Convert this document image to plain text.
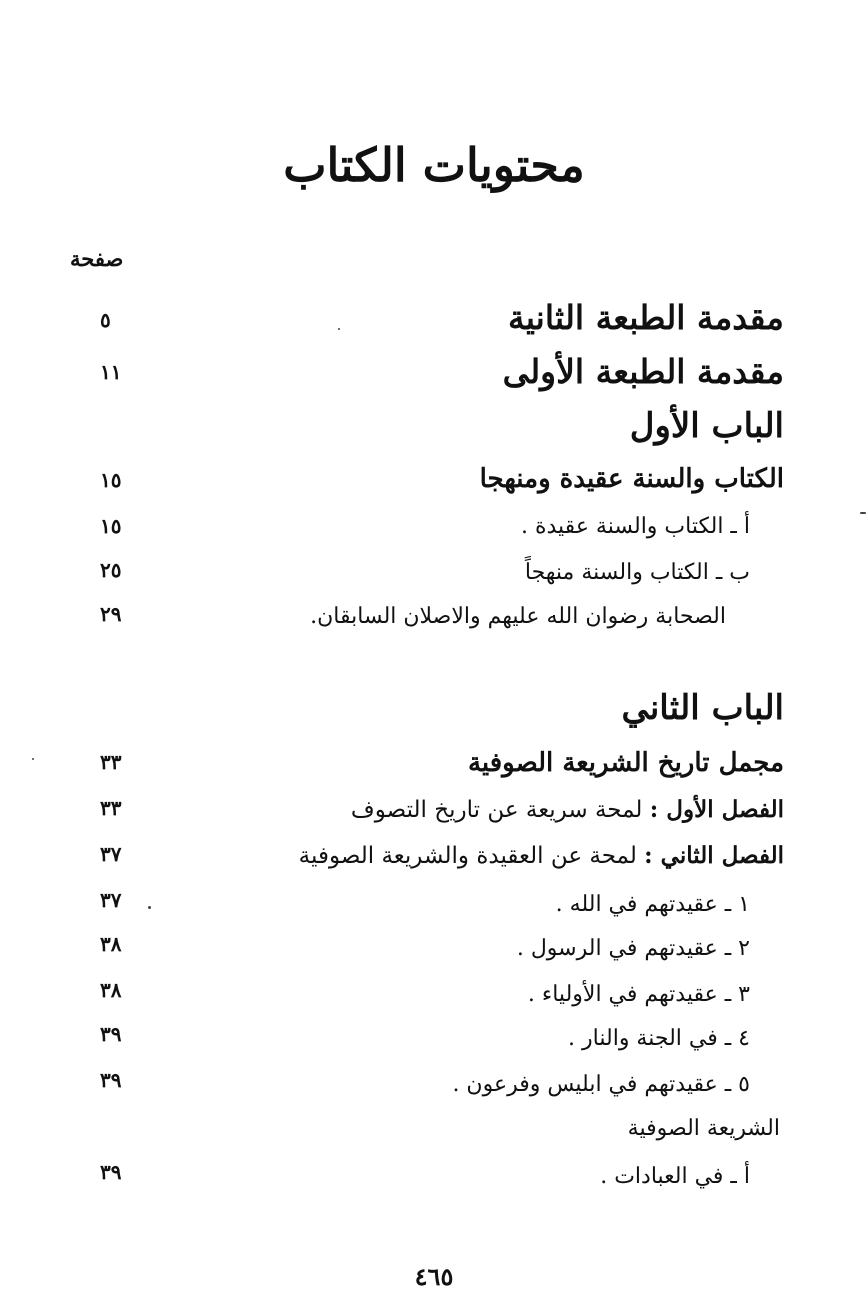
محتويات الكتاب
صفحة
مقدمة الطبعة الثانية
٥
مقدمة الطبعة الأولى
١١
الباب الأول
الكتاب والسنة عقيدة ومنهجا
١٥
أ ـ الكتاب والسنة عقيدة .
١٥
ب ـ الكتاب والسنة منهجاً
٢٥
الصحابة رضوان الله عليهم والاصلان السابقان.
٢٩
الباب الثاني
مجمل تاريخ الشريعة الصوفية
٣٣
الفصل الأول : لمحة سريعة عن تاريخ التصوف
٣٣
الفصل الثاني : لمحة عن العقيدة والشريعة الصوفية
٣٧
١ ـ عقيدتهم في الله .
٣٧
٢ ـ عقيدتهم في الرسول .
٣٨
٣ ـ عقيدتهم في الأولياء .
٣٨
٤ ـ في الجنة والنار .
٣٩
٥ ـ عقيدتهم في ابليس وفرعون .
٣٩
الشريعة الصوفية
أ ـ في العبادات .
٣٩
٤٦٥
